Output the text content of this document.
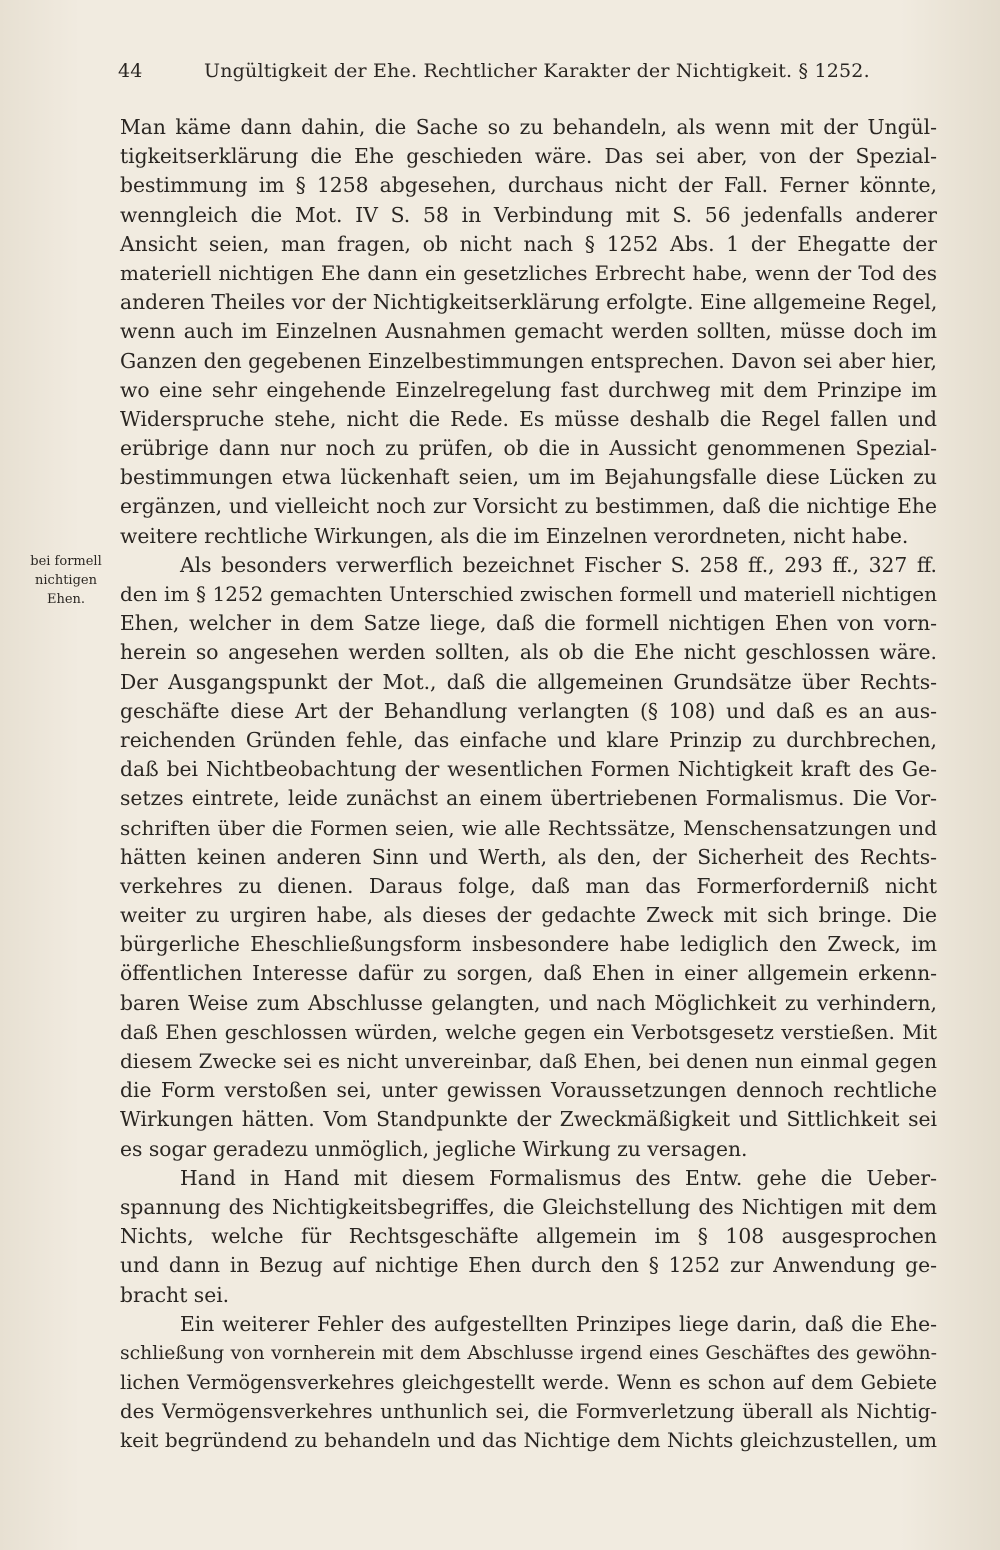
44	Ungültigkeit der Ehe. Rechtlicher Karakter der Nichtigkeit. § 1252.
bei formell
nichtigen
Ehen.
Man käme dann dahin, die Sache so zu behandeln, als wenn mit der Ungül-
tigkeitserklärung die Ehe geschieden wäre. Das sei aber, von der Spezial-
bestimmung im § 1258 abgesehen, durchaus nicht der Fall. Ferner könnte,
wenngleich die Mot. IV S. 58 in Verbindung mit S. 56 jedenfalls anderer
Ansicht seien, man fragen, ob nicht nach § 1252 Abs. 1 der Ehegatte der
materiell nichtigen Ehe dann ein gesetzliches Erbrecht habe, wenn der Tod des
anderen Theiles vor der Nichtigkeitserklärung erfolgte. Eine allgemeine Regel,
wenn auch im Einzelnen Ausnahmen gemacht werden sollten, müsse doch im
Ganzen den gegebenen Einzelbestimmungen entsprechen. Davon sei aber hier,
wo eine sehr eingehende Einzelregelung fast durchweg mit dem Prinzipe im
Widerspruche stehe, nicht die Rede. Es müsse deshalb die Regel fallen und
erübrige dann nur noch zu prüfen, ob die in Aussicht genommenen Spezial-
bestimmungen etwa lückenhaft seien, um im Bejahungsfalle diese Lücken zu
ergänzen, und vielleicht noch zur Vorsicht zu bestimmen, daß die nichtige Ehe
weitere rechtliche Wirkungen, als die im Einzelnen verordneten, nicht habe.
Als besonders verwerflich bezeichnet Fischer S. 258 ff., 293 ff., 327 ff.
den im § 1252 gemachten Unterschied zwischen formell und materiell nichtigen
Ehen, welcher in dem Satze liege, daß die formell nichtigen Ehen von vorn-
herein so angesehen werden sollten, als ob die Ehe nicht geschlossen wäre.
Der Ausgangspunkt der Mot., daß die allgemeinen Grundsätze über Rechts-
geschäfte diese Art der Behandlung verlangten (§ 108) und daß es an aus-
reichenden Gründen fehle, das einfache und klare Prinzip zu durchbrechen,
daß bei Nichtbeobachtung der wesentlichen Formen Nichtigkeit kraft des Ge-
setzes eintrete, leide zunächst an einem übertriebenen Formalismus. Die Vor-
schriften über die Formen seien, wie alle Rechtssätze, Menschensatzungen und
hätten keinen anderen Sinn und Werth, als den, der Sicherheit des Rechts-
verkehres zu dienen. Daraus folge, daß man das Formerforderniß nicht
weiter zu urgiren habe, als dieses der gedachte Zweck mit sich bringe. Die
bürgerliche Eheschließungsform insbesondere habe lediglich den Zweck, im
öffentlichen Interesse dafür zu sorgen, daß Ehen in einer allgemein erkenn-
baren Weise zum Abschlusse gelangten, und nach Möglichkeit zu verhindern,
daß Ehen geschlossen würden, welche gegen ein Verbotsgesetz verstießen. Mit
diesem Zwecke sei es nicht unvereinbar, daß Ehen, bei denen nun einmal gegen
die Form verstoßen sei, unter gewissen Voraussetzungen dennoch rechtliche
Wirkungen hätten. Vom Standpunkte der Zweckmäßigkeit und Sittlichkeit sei
es sogar geradezu unmöglich, jegliche Wirkung zu versagen.
Hand in Hand mit diesem Formalismus des Entw. gehe die Ueber-
spannung des Nichtigkeitsbegriffes, die Gleichstellung des Nichtigen mit dem
Nichts, welche für Rechtsgeschäfte allgemein im § 108 ausgesprochen
und dann in Bezug auf nichtige Ehen durch den § 1252 zur Anwendung ge-
bracht sei.
Ein weiterer Fehler des aufgestellten Prinzipes liege darin, daß die Ehe-
schließung von vornherein mit dem Abschlusse irgend eines Geschäftes des gewöhn-
lichen Vermögensverkehres gleichgestellt werde. Wenn es schon auf dem Gebiete
des Vermögensverkehres unthunlich sei, die Formverletzung überall als Nichtig-
keit begründend zu behandeln und das Nichtige dem Nichts gleichzustellen, um
